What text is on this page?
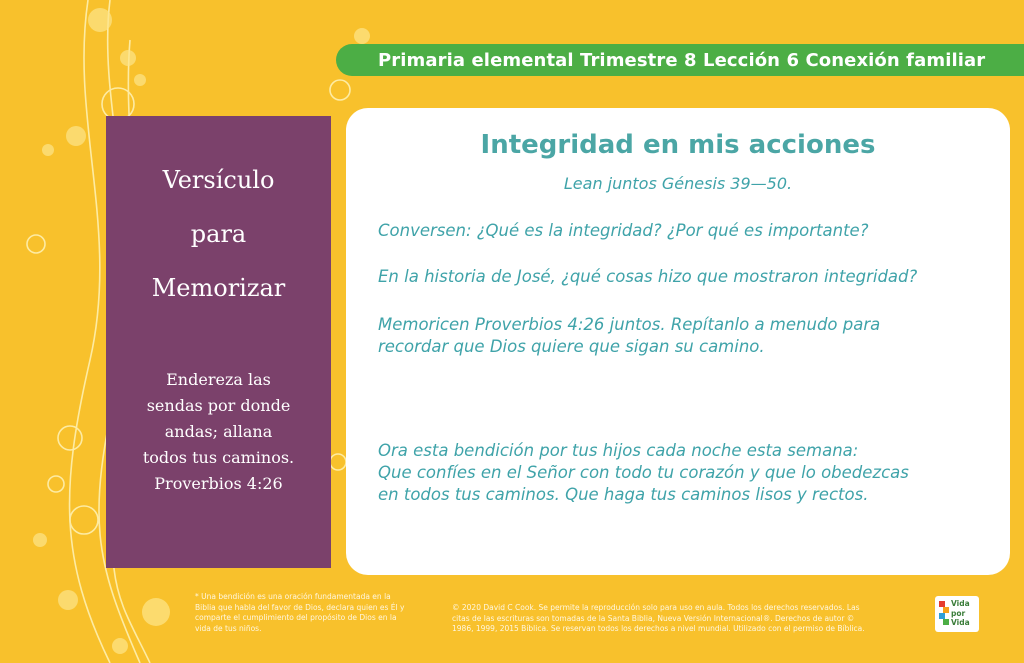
Primaria elemental Trimestre 8 Lección 6 Conexión familiar

Versículo

para

Memorizar

Endereza las
sendas por donde
andas; allana
todos tus caminos.
Proverbios 4:26
Integridad en mis acciones
Lean juntos Génesis 39—50.
Conversen: ¿Qué es la integridad? ¿Por qué es importante?
En la historia de José, ¿qué cosas hizo que mostraron integridad?
Memoricen Proverbios 4:26 juntos. Repítanlo a menudo para
recordar que Dios quiere que sigan su camino.
Ora esta bendición por tus hijos cada noche esta semana:
Que confíes en el Señor con todo tu corazón y que lo obedezcas
en todos tus caminos. Que haga tus caminos lisos y rectos.
* Una bendición es una oración fundamentada en la
Biblia que habla del favor de Dios, declara quien es Él y
comparte el cumplimiento del propósito de Dios en la
vida de tus niños.
© 2020 David C Cook. Se permite la reproducción solo para uso en aula. Todos los derechos reservados. Las
citas de las escrituras son tomadas de la Santa Biblia, Nueva Versión Internacional®. Derechos de autor ©
1986, 1999, 2015 Bíblica. Se reservan todos los derechos a nivel mundial. Utilizado con el permiso de Bíblica.
Vida
por
Vida
